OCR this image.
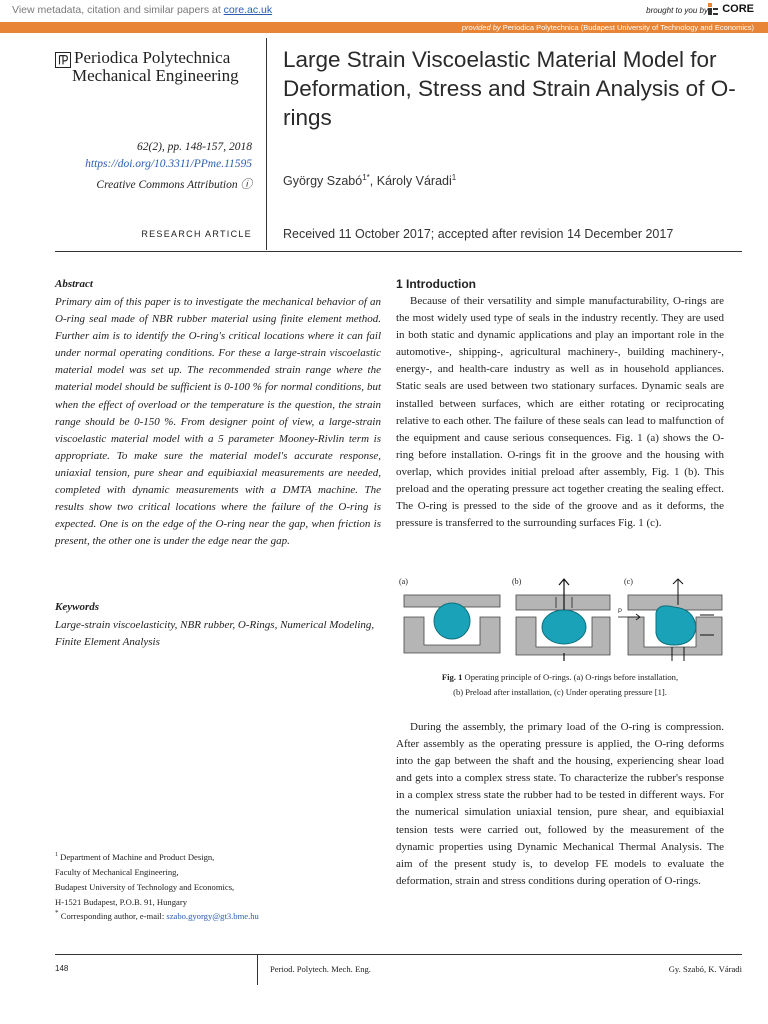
View metadata, citation and similar papers at core.ac.uk	brought to you by CORE
provided by Periodica Polytechnica (Budapest University of Technology and Economics)
Periodica Polytechnica
Mechanical Engineering
Large Strain Viscoelastic Material Model for Deformation, Stress and Strain Analysis of O-rings
György Szabó$^{1*}$, Károly Váradi$^1$
62(2), pp. 148-157, 2018
https://doi.org/10.3311/PPme.11595
Creative Commons Attribution ⓘ
RESEARCH ARTICLE Received 11 October 2017; accepted after revision 14 December 2017
Abstract
Primary aim of this paper is to investigate the mechanical behavior of an O-ring seal made of NBR rubber material using finite element method. Further aim is to identify the O-ring's critical locations where it can fail under normal operating conditions. For these a large-strain viscoelastic material model was set up. The recommended strain range where the material model should be sufficient is 0-100 % for normal conditions, but when the effect of overload or the temperature is the question, the strain range should be 0-150 %. From designer point of view, a large-strain viscoelastic material model with a 5 parameter Mooney-Rivlin term is appropriate. To make sure the material model's accurate response, uniaxial tension, pure shear and equibiaxial measurements are needed, completed with dynamic measurements with a DMTA machine. The results show two critical locations where the failure of the O-ring is expected. One is on the edge of the O-ring near the gap, when friction is present, the other one is under the edge near the gap.
Keywords
Large-strain viscoelasticity, NBR rubber, O-Rings, Numerical Modeling, Finite Element Analysis
$^1$ Department of Machine and Product Design,
Faculty of Mechanical Engineering,
Budapest University of Technology and Economics,
H-1521 Budapest, P.O.B. 91, Hungary
* Corresponding author, e-mail: szabo.gyorgy@gt3.bme.hu
1 Introduction
Because of their versatility and simple manufacturability, O-rings are the most widely used type of seals in the industry recently. They are used in both static and dynamic applications and play an important role in the automotive-, shipping-, agricultural machinery-, building machinery-, energy-, and health-care industry as well as in household appliances. Static seals are used between two stationary surfaces. Dynamic seals are installed between surfaces, which are either rotating or reciprocating relative to each other. The failure of these seals can lead to malfunction of the equipment and cause serious consequences. Fig. 1 (a) shows the O-ring before installation. O-rings fit in the groove and the housing with overlap, which provides initial preload after assembly, Fig. 1 (b). This preload and the operating pressure act together creating the sealing effect. The O-ring is pressed to the side of the groove and as it deforms, the pressure is transferred to the surrounding surfaces Fig. 1 (c).
(a)	(b)	(c)
P
Fig. 1 Operating principle of O-rings. (a) O-rings before installation,
(b) Preload after installation, (c) Under operating pressure [1].
During the assembly, the primary load of the O-ring is compression. After assembly as the operating pressure is applied, the O-ring deforms into the gap between the shaft and the housing, experiencing shear load and gets into a complex stress state. To characterize the rubber's response in a complex stress state the rubber had to be tested in different ways. For the numerical simulation uniaxial tension, pure shear, and equibiaxial tension tests were carried out, followed by the measurement of the dynamic properties using Dynamic Mechanical Thermal Analysis. The aim of the present study is, to develop FE models to evaluate the deformation, strain and stress conditions during operation of O-rings.
148	Period. Polytech. Mech. Eng.	Gy. Szabó, K. Váradi
